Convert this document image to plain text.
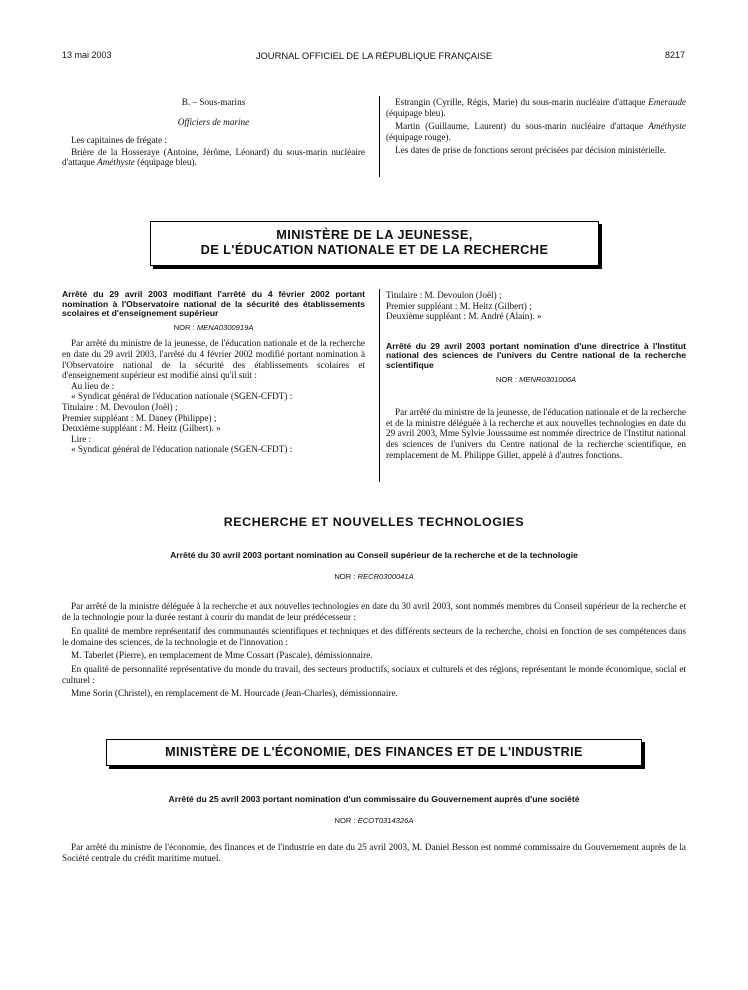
13 mai 2003	JOURNAL OFFICIEL DE LA RÉPUBLIQUE FRANÇAISE	8217

B. – Sous-marins

Officiers de marine

Les capitaines de frégate :

Brière de la Hosseraye (Antoine, Jérôme, Léonard) du sous-marin nucléaire d'attaque Améthyste (équipage bleu).

Estrangin (Cyrille, Régis, Marie) du sous-marin nucléaire d'attaque Emeraude (équipage bleu).

Martin (Guillaume, Laurent) du sous-marin nucléaire d'attaque Améthyste (équipage rouge).

Les dates de prise de fonctions seront précisées par décision ministérielle.

MINISTÈRE DE LA JEUNESSE,
DE L'ÉDUCATION NATIONALE ET DE LA RECHERCHE

Arrêté du 29 avril 2003 modifiant l'arrêté du 4 février 2002 portant nomination à l'Observatoire national de la sécurité des établissements scolaires et d'enseignement supérieur

NOR : MENA0300919A

Par arrêté du ministre de la jeunesse, de l'éducation nationale et de la recherche en date du 29 avril 2003, l'arrêté du 4 février 2002 modifié portant nomination à l'Observatoire national de la sécurité des établissements scolaires et d'enseignement supérieur est modifié ainsi qu'il suit :

Au lieu de :

« Syndicat général de l'éducation nationale (SGEN-CFDT) :

Titulaire : M. Devoulon (Joël) ;

Premier suppléant : M. Daney (Philippe) ;

Deuxième suppléant : M. Heitz (Gilbert). »

Lire :

« Syndicat général de l'éducation nationale (SGEN-CFDT) :

Titulaire : M. Devoulon (Joël) ;

Premier suppléant : M. Heitz (Gilbert) ;

Deuxième suppléant : M. André (Alain). »

Arrêté du 29 avril 2003 portant nomination d'une directrice à l'Institut national des sciences de l'univers du Centre national de la recherche scientifique

NOR : MENR0301006A

Par arrêté du ministre de la jeunesse, de l'éducation nationale et de la recherche et de la ministre déléguée à la recherche et aux nouvelles technologies en date du 29 avril 2003, Mme Sylvie Joussaume est nommée directrice de l'Institut national des sciences de l'univers du Centre national de la recherche scientifique, en remplacement de M. Philippe Gillet, appelé à d'autres fonctions.

RECHERCHE ET NOUVELLES TECHNOLOGIES
Arrêté du 30 avril 2003 portant nomination au Conseil supérieur de la recherche et de la technologie
NOR : RECR0300041A

Par arrêté de la ministre déléguée à la recherche et aux nouvelles technologies en date du 30 avril 2003, sont nommés membres du Conseil supérieur de la recherche et de la technologie pour la durée restant à courir du mandat de leur prédécesseur :

En qualité de membre représentatif des communautés scientifiques et techniques et des différents secteurs de la recherche, choisi en fonction de ses compétences dans le domaine des sciences, de la technologie et de l'innovation :

M. Taberlet (Pierre), en remplacement de Mme Cossart (Pascale), démissionnaire.

En qualité de personnalité représentative du monde du travail, des secteurs productifs, sociaux et culturels et des régions, représentant le monde économique, social et culturel :

Mme Sorin (Christel), en remplacement de M. Hourcade (Jean-Charles), démissionnaire.

MINISTÈRE DE L'ÉCONOMIE, DES FINANCES ET DE L'INDUSTRIE
Arrêté du 25 avril 2003 portant nomination d'un commissaire du Gouvernement auprès d'une société
NOR : ECOT0314326A

Par arrêté du ministre de l'économie, des finances et de l'industrie en date du 25 avril 2003, M. Daniel Besson est nommé commissaire du Gouvernement auprès de la Société centrale du crédit maritime mutuel.
